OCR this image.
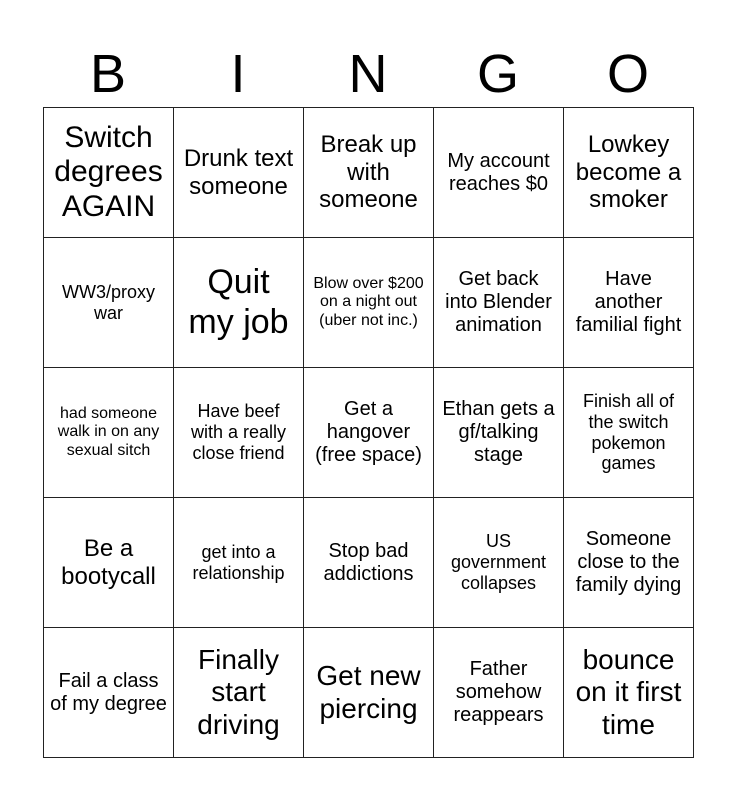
B	I	N	G	O
Switch degrees AGAIN	Drunk text someone	Break up with someone	My account reaches $0	Lowkey become a smoker
WW3/proxy war	Quit my job	Blow over $200 on a night out (uber not inc.)	Get back into Blender animation	Have another familial fight
had someone walk in on any sexual sitch	Have beef with a really close friend	Get a hangover (free space)	Ethan gets a gf/talking stage	Finish all of the switch pokemon games
Be a bootycall	get into a relationship	Stop bad addictions	US government collapses	Someone close to the family dying
Fail a class of my degree	Finally start driving	Get new piercing	Father somehow reappears	bounce on it first time
